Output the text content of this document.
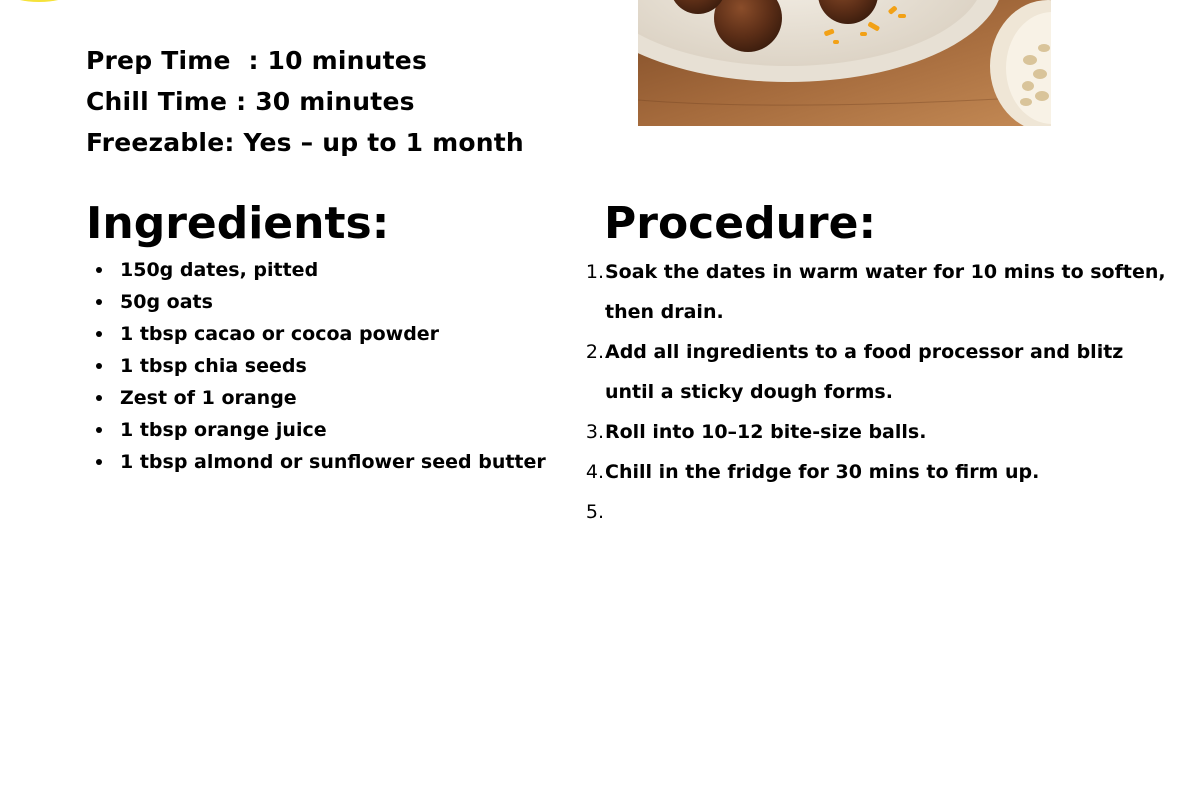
Prep Time  : 10 minutes
Chill Time : 30 minutes
Freezable: Yes – up to 1 month
Ingredients:
150g dates, pitted
50g oats
1 tbsp cacao or cocoa powder
1 tbsp chia seeds
Zest of 1 orange
1 tbsp orange juice
1 tbsp almond or sunflower seed butter
Procedure:
1. Soak the dates in warm water for 10 mins to soften, then drain.
2. Add all ingredients to a food processor and blitz until a sticky dough forms.
3. Roll into 10–12 bite-size balls.
4. Chill in the fridge for 30 mins to firm up.
5.
